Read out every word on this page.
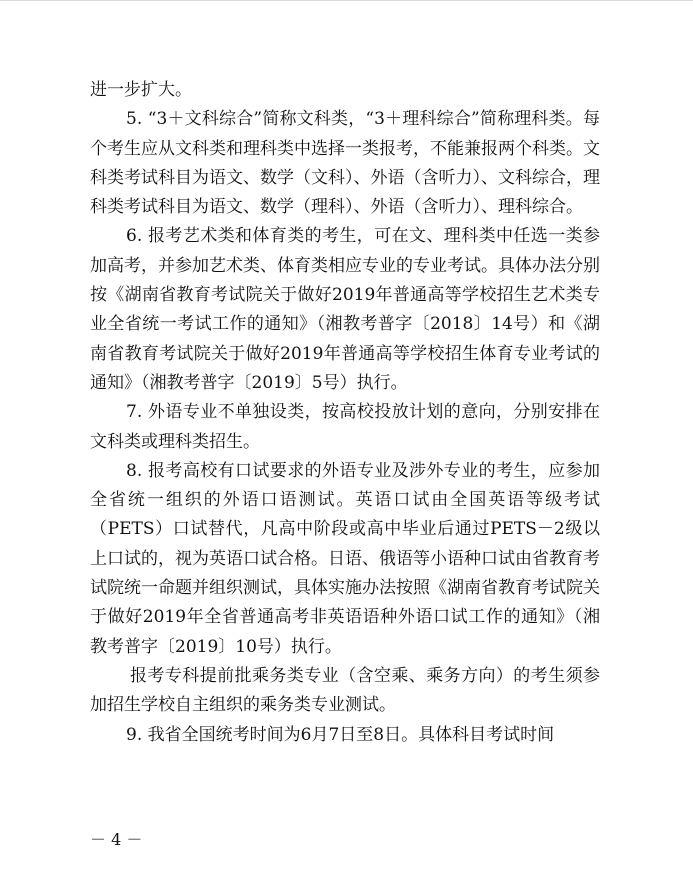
进一步扩大。

5. “3＋文科综合”简称文科类，“3＋理科综合”简称理科类。每个考生应从文科类和理科类中选择一类报考，不能兼报两个科类。文科类考试科目为语文、数学（文科）、外语（含听力）、文科综合，理科类考试科目为语文、数学（理科）、外语（含听力）、理科综合。

6. 报考艺术类和体育类的考生，可在文、理科类中任选一类参加高考，并参加艺术类、体育类相应专业的专业考试。具体办法分别按《湖南省教育考试院关于做好2019年普通高等学校招生艺术类专业全省统一考试工作的通知》（湘教考普字〔2018〕14号）和《湖南省教育考试院关于做好2019年普通高等学校招生体育专业考试的通知》（湘教考普字〔2019〕5号）执行。

7. 外语专业不单独设类，按高校投放计划的意向，分别安排在文科类或理科类招生。

8. 报考高校有口试要求的外语专业及涉外专业的考生，应参加全省统一组织的外语口语测试。英语口试由全国英语等级考试（PETS）口试替代，凡高中阶段或高中毕业后通过PETS－2级以上口试的，视为英语口试合格。日语、俄语等小语种口试由省教育考试院统一命题并组织测试，具体实施办法按照《湖南省教育考试院关于做好2019年全省普通高考非英语语种外语口试工作的通知》（湘教考普字〔2019〕10号）执行。

报考专科提前批乘务类专业（含空乘、乘务方向）的考生须参加招生学校自主组织的乘务类专业测试。

9. 我省全国统考时间为6月7日至8日。具体科目考试时间

－ 4 －
